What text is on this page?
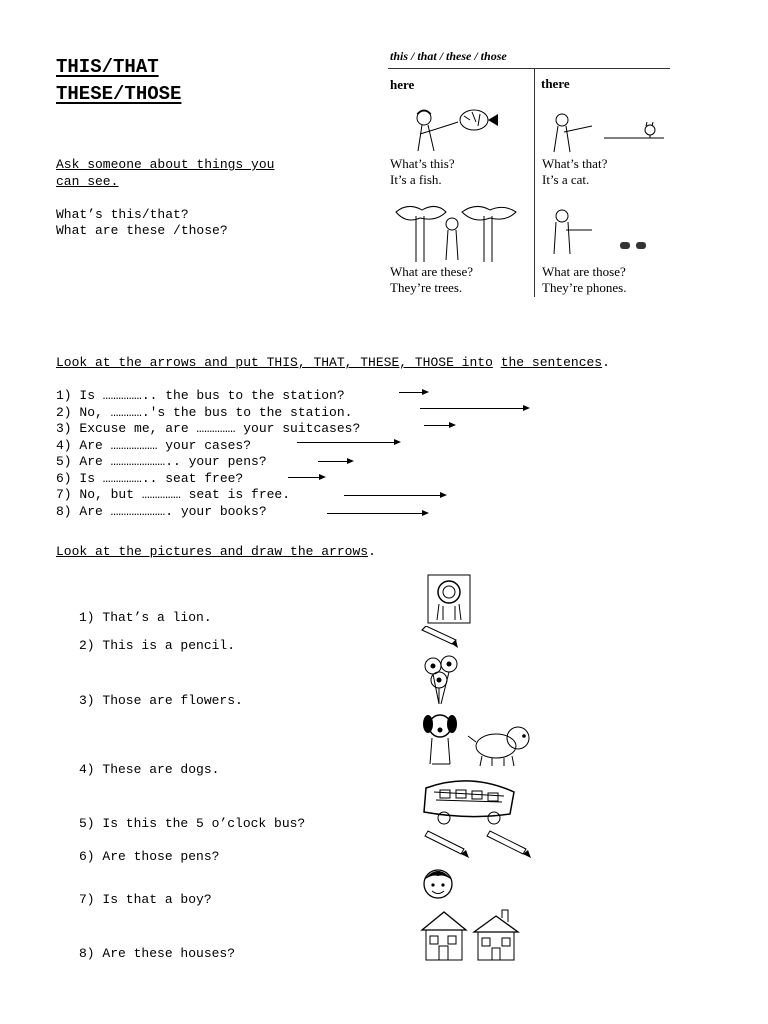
THIS/THAT
THESE/THOSE
Ask someone about things you
can see.

What’s this/that?
What are these /those?
this / that / these / those
here	there
What’s this?
It’s a fish.
What’s that?
It’s a cat.
What are these?
They’re trees.
What are those?
They’re phones.
Look at the arrows and put THIS, THAT, THESE, THOSE into the sentences.
1) Is …………….. the bus to the station?
2) No, ………….'s the bus to the station.
3) Excuse me, are …………… your suitcases?
4) Are ……………… your cases?
5) Are ………………….. your pens?
6) Is …………….. seat free?
7) No, but …………… seat is free.
8) Are …………………. your books?
Look at the pictures and draw the arrows.
1) That’s a lion.
2) This is a pencil.
3) Those are flowers.
4) These are dogs.
5) Is this the 5 o’clock bus?
6) Are those pens?
7) Is that a boy?
8) Are these houses?
